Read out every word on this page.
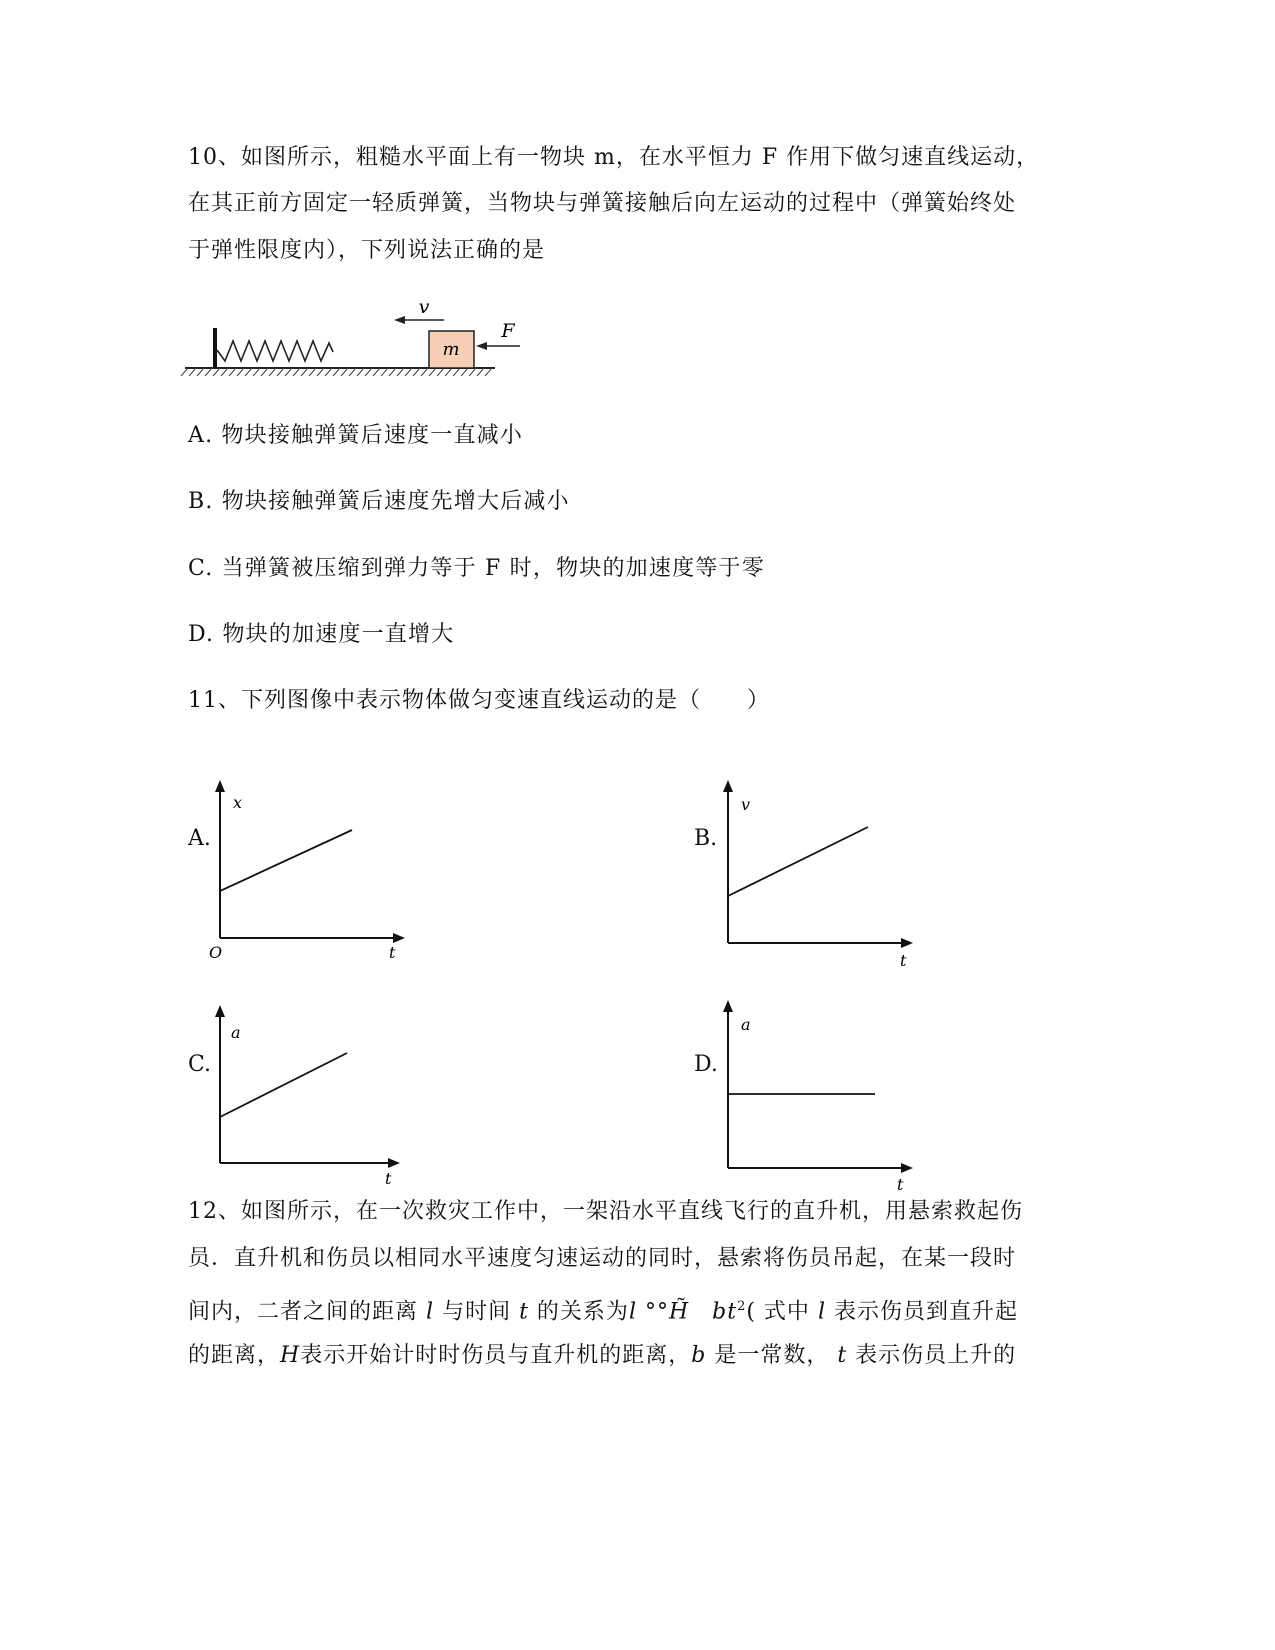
10、如图所示，粗糙水平面上有一物块 m，在水平恒力 F 作用下做匀速直线运动，
在其正前方固定一轻质弹簧，当物块与弹簧接触后向左运动的过程中（弹簧始终处
于弹性限度内），下列说法正确的是
m
v
F
A. 物块接触弹簧后速度一直减小
B. 物块接触弹簧后速度先增大后减小
C. 当弹簧被压缩到弹力等于 F 时，物块的加速度等于零
D. 物块的加速度一直增大
11、下列图像中表示物体做匀变速直线运动的是（　　）
A.
x
t
O
B.
v
t
C.
a
t
D.
a
t
12、如图所示，在一次救灾工作中，一架沿水平直线飞行的直升机，用悬索救起伤
员．直升机和伤员以相同水平速度匀速运动的同时，悬索将伤员吊起，在某一段时
间内，二者之间的距离 l 与时间 t 的关系为l °°H̃　$bt^2$( 式中 l 表示伤员到直升起
的距离，H表示开始计时时伤员与直升机的距离，b 是一常数， t 表示伤员上升的
